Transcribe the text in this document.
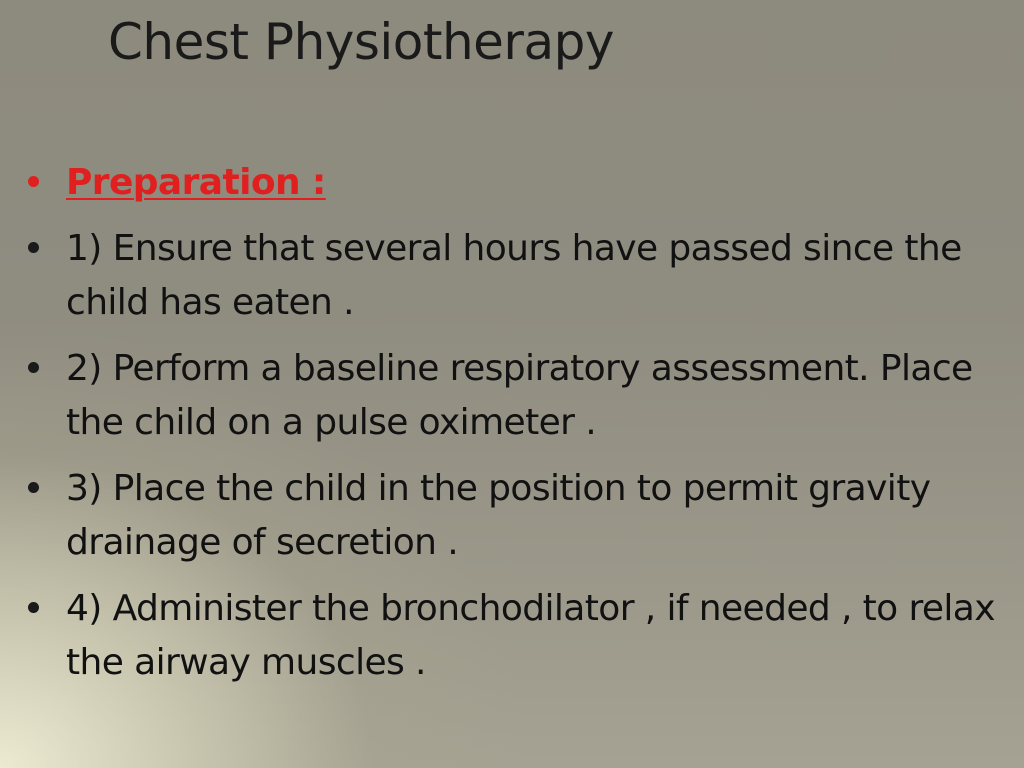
Chest Physiotherapy
Preparation :
1) Ensure that several hours have passed since the child has eaten .
2) Perform a baseline respiratory assessment. Place the child on a pulse oximeter .
3) Place the child in the position to permit gravity drainage of secretion .
4) Administer the bronchodilator , if needed , to relax the airway muscles .
